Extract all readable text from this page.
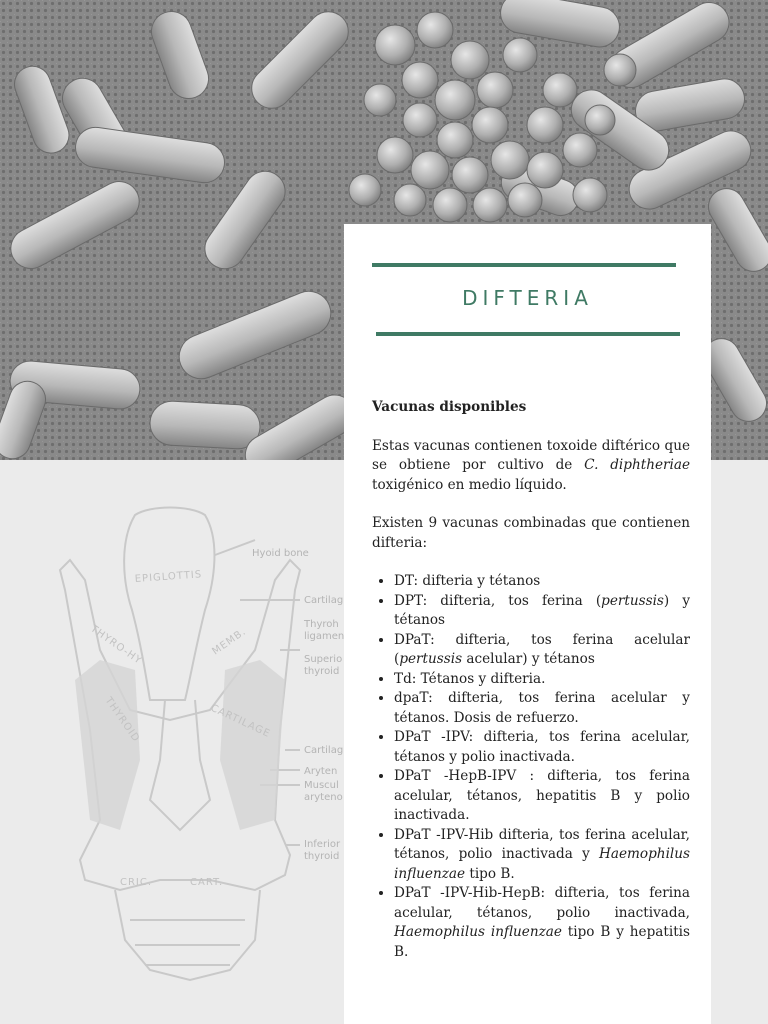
Hyoid bone
EPIGLOTTIS
THYRO-HY	MEMB.
THYROID	CARTILAGE
CRIC.	CART.
Cartilag
Thyroh
ligamen
Superio
thyroid
Cartilag
Aryten
Muscul
aryteno
Inferior
thyroid
DIFTERIA

Vacunas disponibles

Estas vacunas contienen toxoide diftérico que se obtiene por cultivo de C. diphtheriae toxigénico en medio líquido.

Existen 9 vacunas combinadas que contienen difteria:

• DT: difteria y tétanos
• DPT: difteria, tos ferina (pertussis) y tétanos
• DPaT: difteria, tos ferina acelular (pertussis acelular) y tétanos
• Td: Tétanos y difteria.
• dpaT: difteria, tos ferina acelular y tétanos. Dosis de refuerzo.
• DPaT -IPV: difteria, tos ferina acelular, tétanos y polio inactivada.
• DPaT -HepB-IPV : difteria, tos ferina acelular, tétanos, hepatitis B y polio inactivada.
• DPaT -IPV-Hib difteria, tos ferina acelular, tétanos, polio inactivada y Haemophilus influenzae tipo B.
• DPaT -IPV-Hib-HepB: difteria, tos ferina acelular, tétanos, polio inactivada, Haemophilus influenzae tipo B y hepatitis B.
